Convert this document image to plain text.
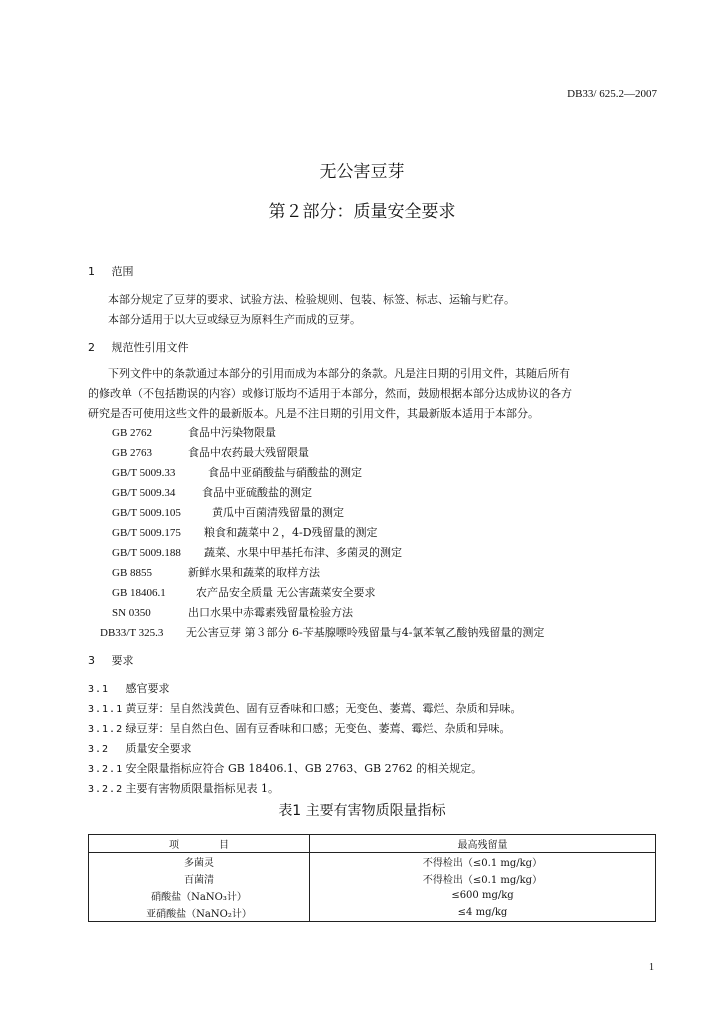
DB33/ 625.2—2007
无公害豆芽
第２部分：质量安全要求
1 范围
本部分规定了豆芽的要求、试验方法、检验规则、包装、标签、标志、运输与贮存。
本部分适用于以大豆或绿豆为原料生产而成的豆芽。
2 规范性引用文件
下列文件中的条款通过本部分的引用而成为本部分的条款。凡是注日期的引用文件，其随后所有
的修改单（不包括勘误的内容）或修订版均不适用于本部分，然而，鼓励根据本部分达成协议的各方
研究是否可使用这些文件的最新版本。凡是不注日期的引用文件，其最新版本适用于本部分。
GB 2762	食品中污染物限量
GB 2763	食品中农药最大残留限量
GB/T 5009.33	食品中亚硝酸盐与硝酸盐的测定
GB/T 5009.34 食品中亚硫酸盐的测定
GB/T 5009.105	黄瓜中百菌清残留量的测定
GB/T 5009.175 粮食和蔬菜中２，4-D残留量的测定
GB/T 5009.188 蔬菜、水果中甲基托布津、多菌灵的测定
GB 8855	新鲜水果和蔬菜的取样方法
GB 18406.1	农产品安全质量 无公害蔬菜安全要求
SN 0350	出口水果中赤霉素残留量检验方法
DB33/T 325.3 无公害豆芽 第３部分 6-苄基腺嘌呤残留量与4-氯苯氧乙酸钠残留量的测定
3 要求
3.1 感官要求
3.1.1 黄豆芽：呈自然浅黄色、固有豆香味和口感；无变色、萎蔫、霉烂、杂质和异味。
3.1.2 绿豆芽：呈自然白色、固有豆香味和口感；无变色、萎蔫、霉烂、杂质和异味。
3.2 质量安全要求
3.2.1 安全限量指标应符合 GB 18406.1、GB 2763、GB 2762 的相关规定。
3.2.2 主要有害物质限量指标见表 1。
表1 主要有害物质限量指标
项　　　　目	最高残留量
多菌灵	不得检出（≤0.1 mg/kg）
百菌清	不得检出（≤0.1 mg/kg）
硝酸盐（NaNO₃计）	≤600 mg/kg
亚硝酸盐（NaNO₂计）	≤4 mg/kg
1
